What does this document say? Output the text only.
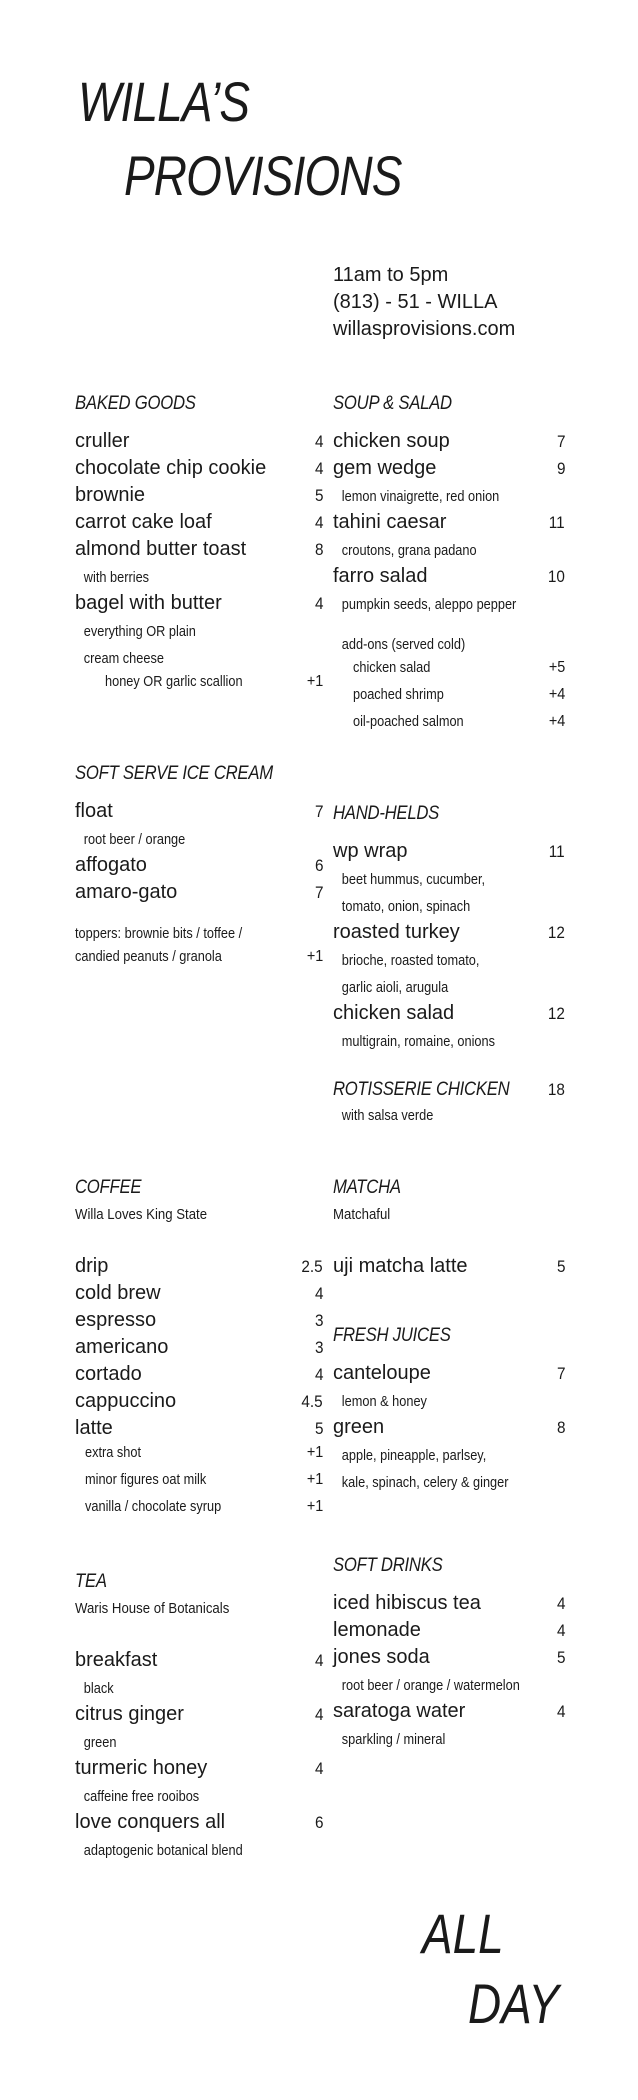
WILLA’S
PROVISIONS
11am to 5pm
(813) - 51 - WILLA
willasprovisions.com
BAKED GOODS
cruller	4
chocolate chip cookie	4
brownie	5
carrot cake loaf	4
almond butter toast	8
with berries
bagel with butter	4
everything OR plain
cream cheese
honey OR garlic scallion	+1
SOFT SERVE ICE CREAM
float	7
root beer / orange
affogato	6
amaro-gato	7
toppers: brownie bits / toffee /
candied peanuts / granola	+1
SOUP & SALAD
chicken soup	7
gem wedge	9
lemon vinaigrette, red onion
tahini caesar	11
croutons, grana padano
farro salad	10
pumpkin seeds, aleppo pepper
add-ons (served cold)
chicken salad	+5
poached shrimp	+4
oil-poached salmon	+4
HAND-HELDS
wp wrap	11
beet hummus, cucumber,
tomato, onion, spinach
roasted turkey	12
brioche, roasted tomato,
garlic aioli, arugula
chicken salad	12
multigrain, romaine, onions
ROTISSERIE CHICKEN 18
with salsa verde
COFFEE
Willa Loves King State
drip	2.5
cold brew	4
espresso	3
americano	3
cortado	4
cappuccino	4.5
latte	5
extra shot	+1
minor figures oat milk	+1
vanilla / chocolate syrup	+1
TEA
Waris House of Botanicals
breakfast	4
black
citrus ginger	4
green
turmeric honey	4
caffeine free rooibos
love conquers all	6
adaptogenic botanical blend
MATCHA
Matchaful
uji matcha latte	5
FRESH JUICES
canteloupe	7
lemon & honey
green	8
apple, pineapple, parlsey,
kale, spinach, celery & ginger
SOFT DRINKS
iced hibiscus tea	4
lemonade	4
jones soda	5
root beer / orange / watermelon
saratoga water	4
sparkling / mineral
ALL
DAY
